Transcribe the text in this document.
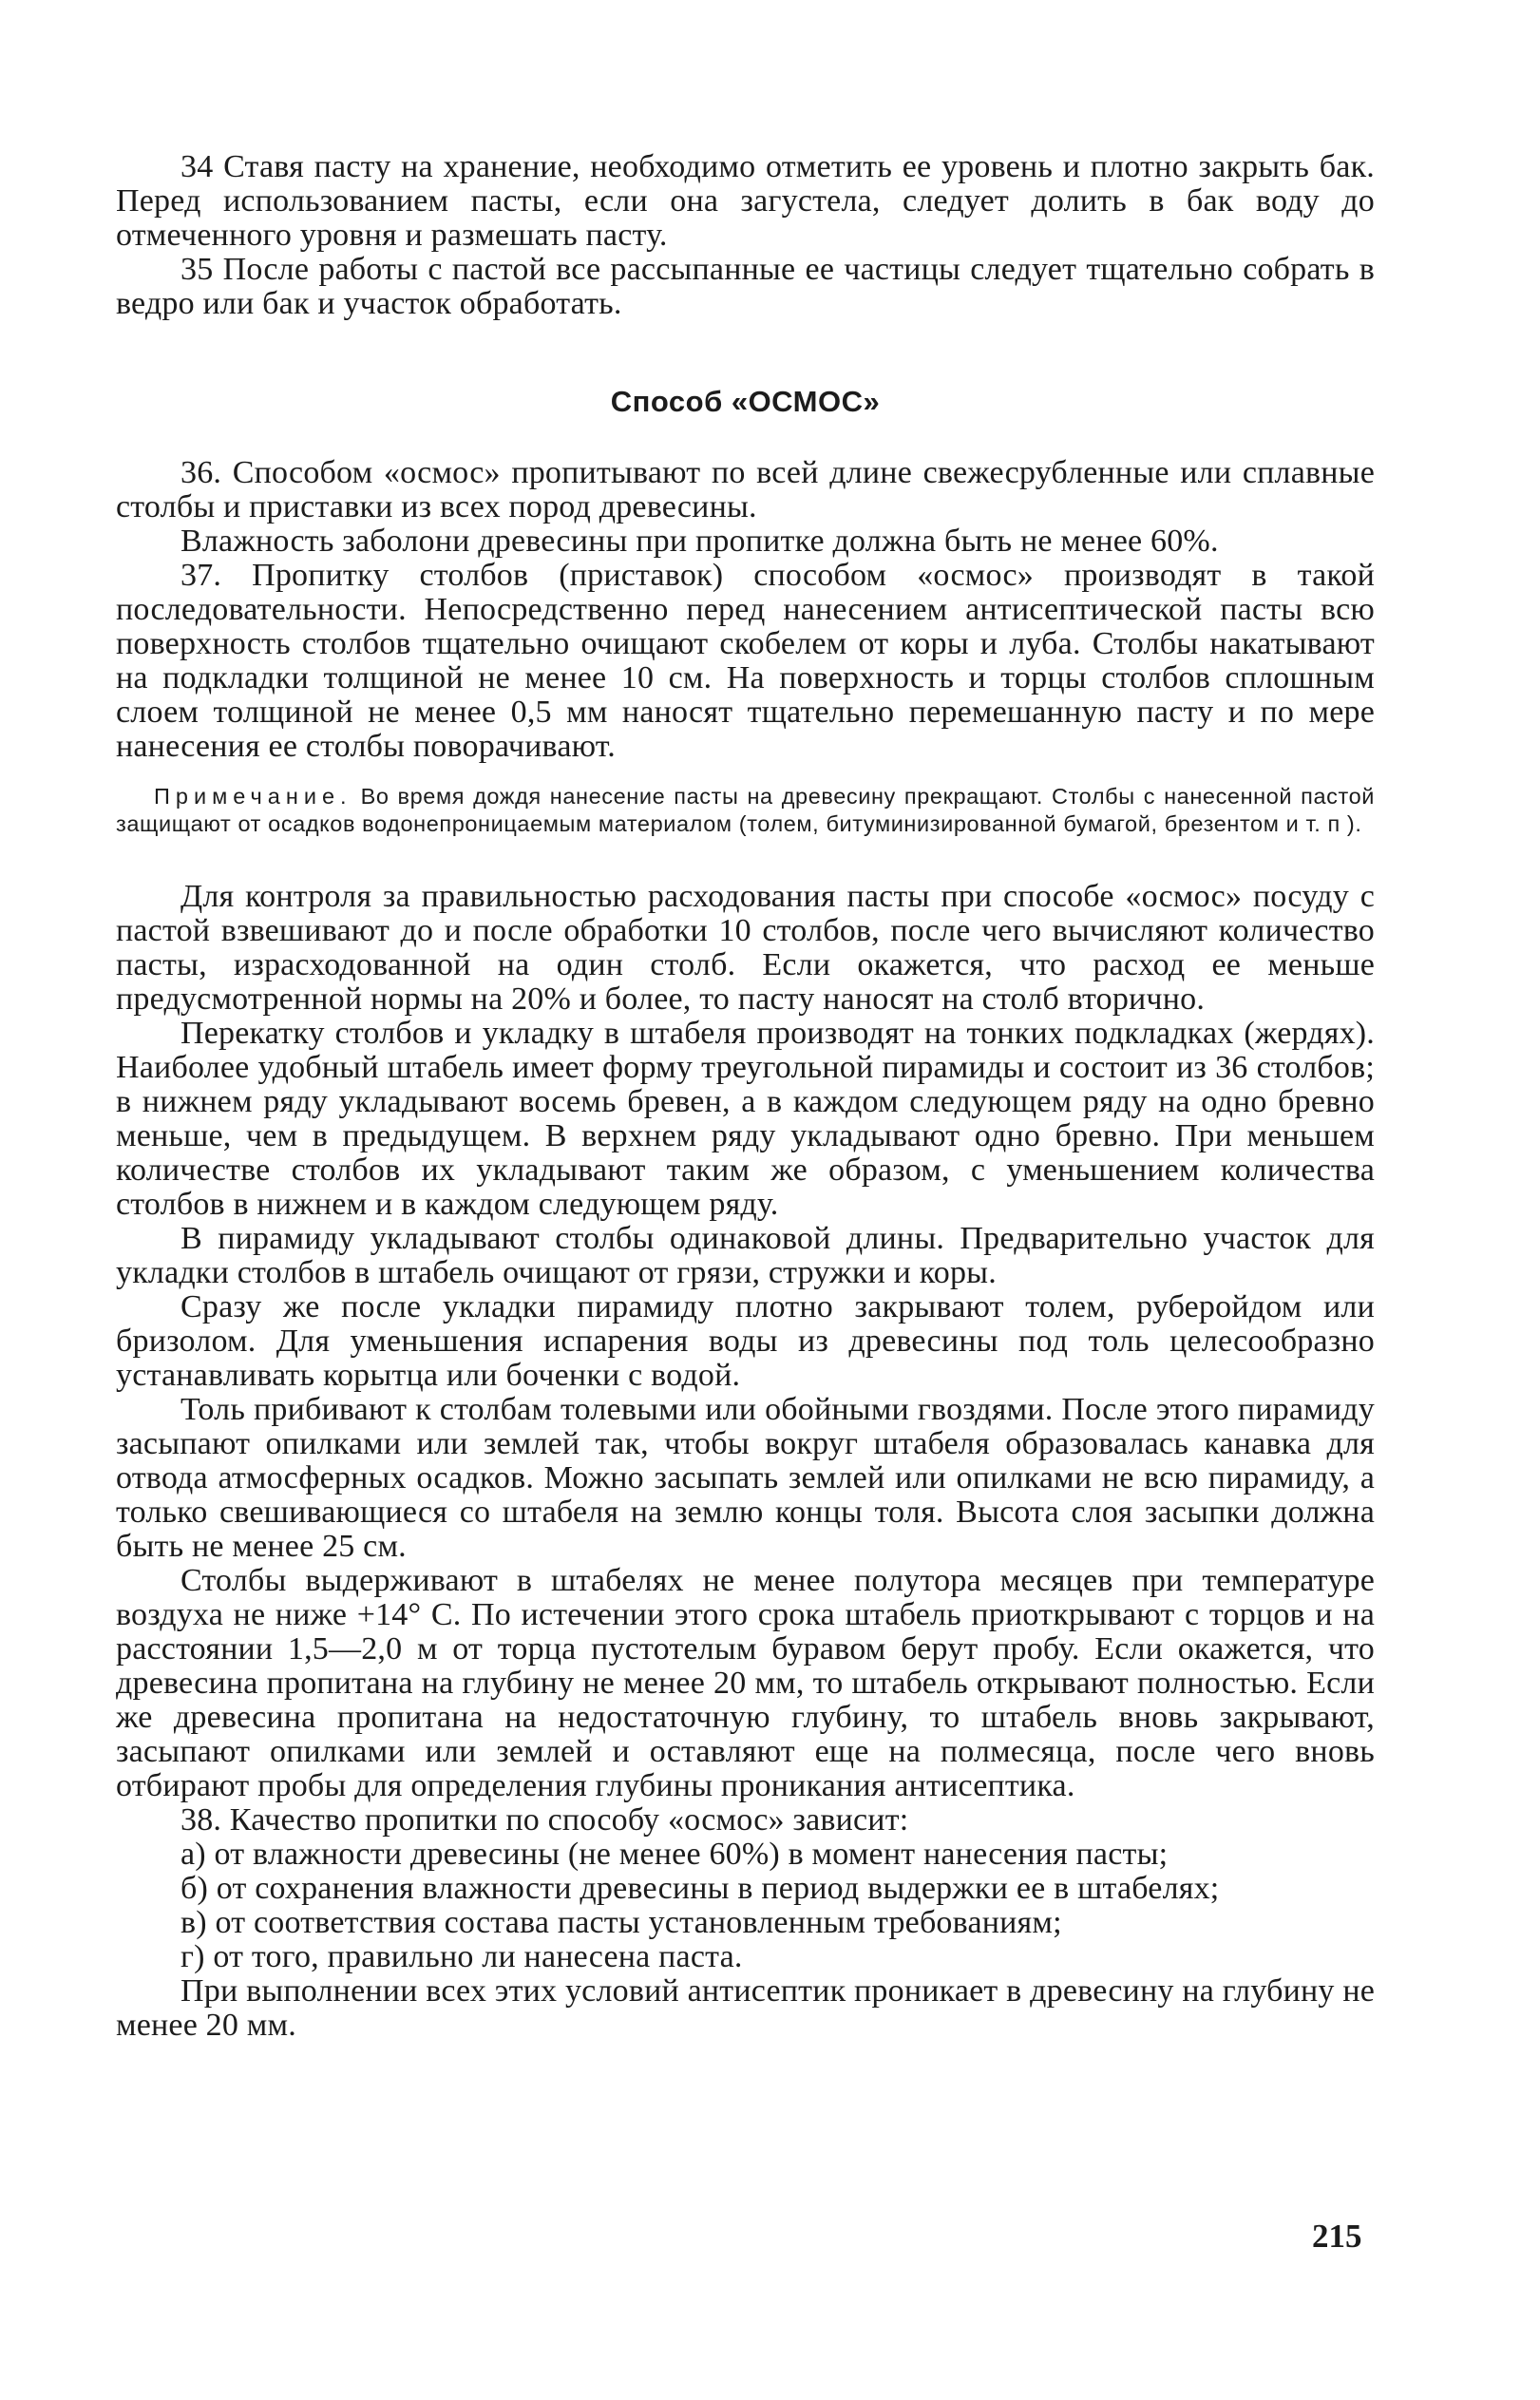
34 Ставя пасту на хранение, необходимо отметить ее уровень и плотно закрыть бак. Перед использованием пасты, если она загустела, следует долить в бак воду до отмеченного уровня и размешать пасту.

35 После работы с пастой все рассыпанные ее частицы следует тщательно собрать в ведро или бак и участок обработать.

Способ «ОСМОС»

36. Способом «осмос» пропитывают по всей длине свежесрубленные или сплавные столбы и приставки из всех пород древесины.

Влажность заболони древесины при пропитке должна быть не менее 60%.

37. Пропитку столбов (приставок) способом «осмос» производят в такой последовательности. Непосредственно перед нанесением антисептической пасты всю поверхность столбов тщательно очищают скобелем от коры и луба. Столбы накатывают на подкладки толщиной не менее 10 см. На поверхность и торцы столбов сплошным слоем толщиной не менее 0,5 мм наносят тщательно перемешанную пасту и по мере нанесения ее столбы поворачивают.

Примечание. Во время дождя нанесение пасты на древесину прекращают. Столбы с нанесенной пастой защищают от осадков водонепроницаемым материалом (толем, битуминизированной бумагой, брезентом и т. п ).

Для контроля за правильностью расходования пасты при способе «осмос» посуду с пастой взвешивают до и после обработки 10 столбов, после чего вычисляют количество пасты, израсходованной на один столб. Если окажется, что расход ее меньше предусмотренной нормы на 20% и более, то пасту наносят на столб вторично.

Перекатку столбов и укладку в штабеля производят на тонких подкладках (жердях). Наиболее удобный штабель имеет форму треугольной пирамиды и состоит из 36 столбов; в нижнем ряду укладывают восемь бревен, а в каждом следующем ряду на одно бревно меньше, чем в предыдущем. В верхнем ряду укладывают одно бревно. При меньшем количестве столбов их укладывают таким же образом, с уменьшением количества столбов в нижнем и в каждом следующем ряду.

В пирамиду укладывают столбы одинаковой длины. Предварительно участок для укладки столбов в штабель очищают от грязи, стружки и коры.

Сразу же после укладки пирамиду плотно закрывают толем, руберойдом или бризолом. Для уменьшения испарения воды из древесины под толь целесообразно устанавливать корытца или боченки с водой.

Толь прибивают к столбам толевыми или обойными гвоздями. После этого пирамиду засыпают опилками или землей так, чтобы вокруг штабеля образовалась канавка для отвода атмосферных осадков. Можно засыпать землей или опилками не всю пирамиду, а только свешивающиеся со штабеля на землю концы толя. Высота слоя засыпки должна быть не менее 25 см.

Столбы выдерживают в штабелях не менее полутора месяцев при температуре воздуха не ниже +14° С. По истечении этого срока штабель приоткрывают с торцов и на расстоянии 1,5—2,0 м от торца пустотелым буравом берут пробу. Если окажется, что древесина пропитана на глубину не менее 20 мм, то штабель открывают полностью. Если же древесина пропитана на недостаточную глубину, то штабель вновь закрывают, засыпают опилками или землей и оставляют еще на полмесяца, после чего вновь отбирают пробы для определения глубины проникания антисептика.

38. Качество пропитки по способу «осмос» зависит:

а) от влажности древесины (не менее 60%) в момент нанесения пасты;

б) от сохранения влажности древесины в период выдержки ее в штабелях;

в) от соответствия состава пасты установленным требованиям;

г) от того, правильно ли нанесена паста.

При выполнении всех этих условий антисептик проникает в древесину на глубину не менее 20 мм.

215
